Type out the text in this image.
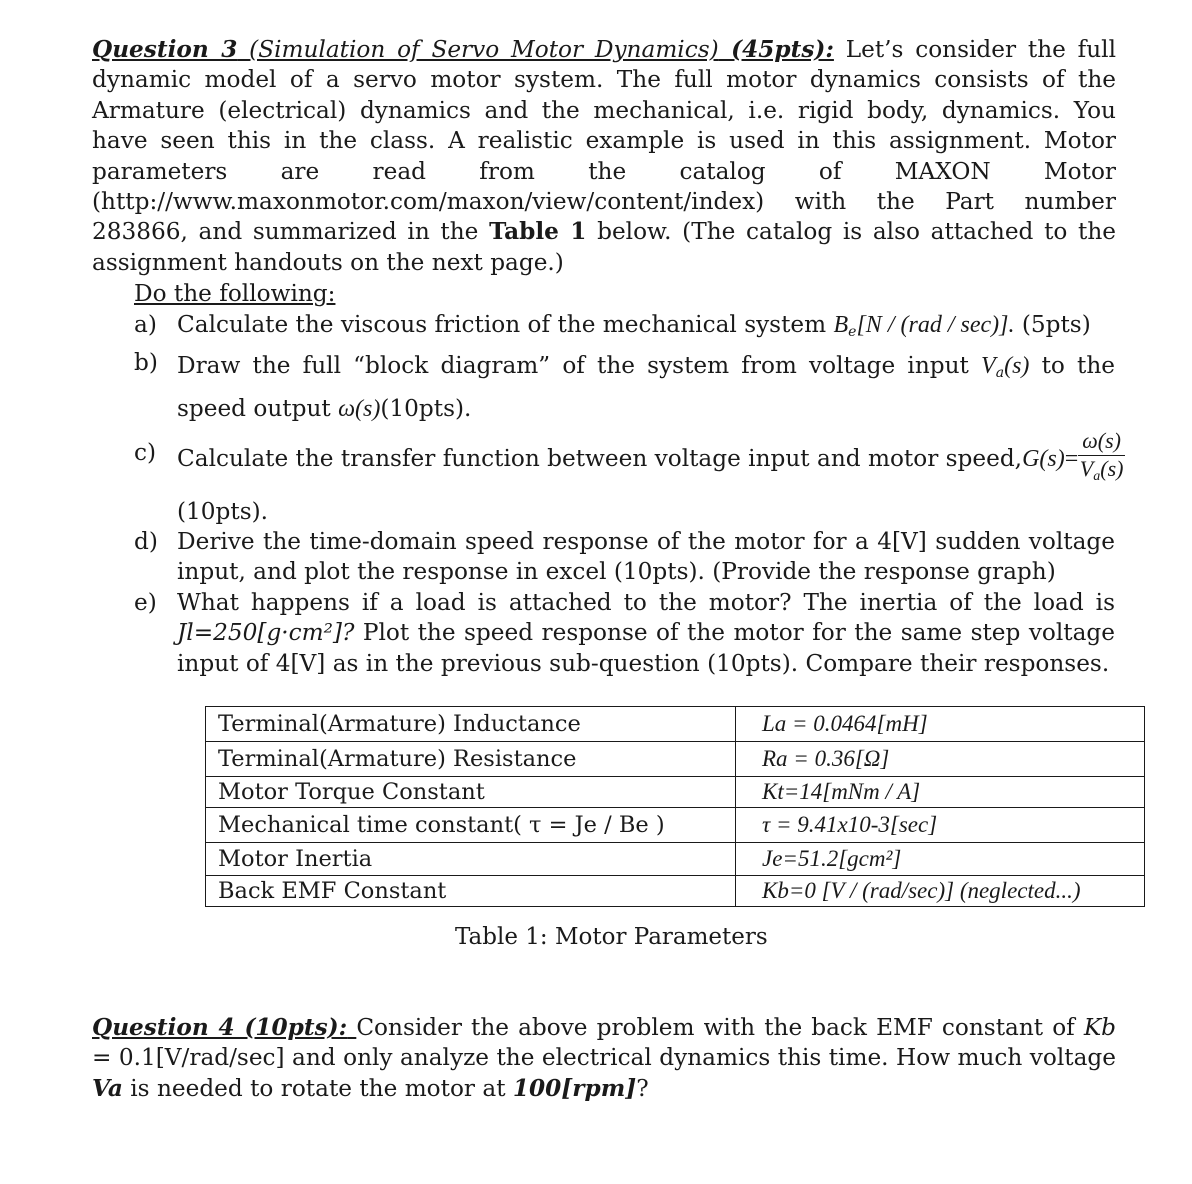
Question 3 (Simulation of Servo Motor Dynamics) (45pts): Let’s consider the full dynamic model of a servo motor system. The full motor dynamics consists of the Armature (electrical) dynamics and the mechanical, i.e. rigid body, dynamics. You have seen this in the class. A realistic example is used in this assignment. Motor parameters are read from the catalog of MAXON Motor (http://www.maxonmotor.com/maxon/view/content/index) with the Part number 283866, and summarized in the Table 1 below. (The catalog is also attached to the assignment handouts on the next page.)
Do the following:
a) Calculate the viscous friction of the mechanical system $B_e[N / (rad / \sec)]$. (5pts)
b) Draw the full “block diagram” of the system from voltage input $V_a(s)$ to the speed output ω(s)(10pts).
c) Calculate the transfer function between voltage input and motor speed,G(s)= $\frac{\omega(s)}{V_a(s)}$
(10pts).
d) Derive the time-domain speed response of the motor for a 4[V] sudden voltage input, and plot the response in excel (10pts). (Provide the response graph)
e) What happens if a load is attached to the motor? The inertia of the load is Jl=250[g·cm²]? Plot the speed response of the motor for the same step voltage input of 4[V] as in the previous sub-question (10pts). Compare their responses.
Terminal(Armature) Inductance	La = 0.0464[mH]
Terminal(Armature) Resistance	Ra = 0.36[Ω]
Motor Torque Constant	Kt=14[mNm / A]
Mechanical time constant( τ = Je / Be )	τ = 9.41x10-3[sec]
Motor Inertia	Je=51.2[gcm²]
Back EMF Constant	Kb=0 [V / (rad/sec)] (neglected...)
Table 1: Motor Parameters
Question 4 (10pts): Consider the above problem with the back EMF constant of Kb = 0.1[V/rad/sec] and only analyze the electrical dynamics this time. How much voltage Va is needed to rotate the motor at 100[rpm]?
